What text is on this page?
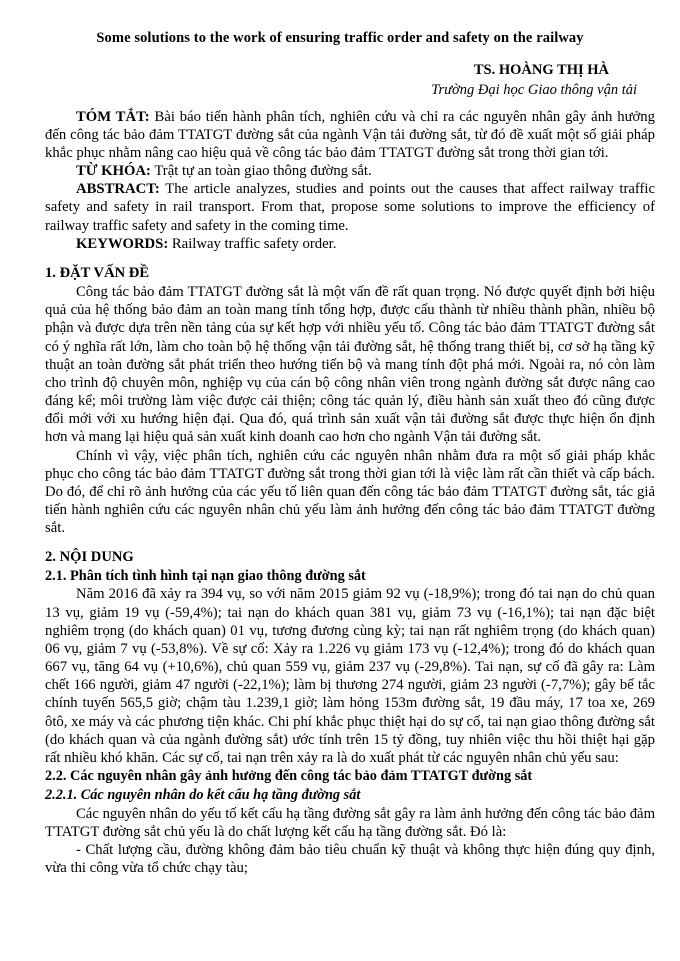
Some solutions to the work of ensuring traffic order and safety on the railway
TS. HOÀNG THỊ HÀ
Trường Đại học Giao thông vận tải

TÓM TẮT: Bài báo tiến hành phân tích, nghiên cứu và chỉ ra các nguyên nhân gây ảnh hưởng đến công tác bảo đảm TTATGT đường sắt của ngành Vận tải đường sắt, từ đó đề xuất một số giải pháp khắc phục nhằm nâng cao hiệu quả về công tác bảo đảm TTATGT đường sắt trong thời gian tới.

TỪ KHÓA: Trật tự an toàn giao thông đường sắt.

ABSTRACT: The article analyzes, studies and points out the causes that affect railway traffic safety and safety in rail transport. From that, propose some solutions to improve the efficiency of railway traffic safety and safety in the coming time.

KEYWORDS: Railway traffic safety order.

1. ĐẶT VẤN ĐỀ

Công tác bảo đảm TTATGT đường sắt là một vấn đề rất quan trọng. Nó được quyết định bởi hiệu quả của hệ thống bảo đảm an toàn mang tính tổng hợp, được cấu thành từ nhiều thành phần, nhiều bộ phận và được dựa trên nền tảng của sự kết hợp với nhiều yếu tố. Công tác bảo đảm TTATGT đường sắt có ý nghĩa rất lớn, làm cho toàn bộ hệ thống vận tải đường sắt, hệ thống trang thiết bị, cơ sở hạ tầng kỹ thuật an toàn đường sắt phát triển theo hướng tiến bộ và mang tính đột phá mới. Ngoài ra, nó còn làm cho trình độ chuyên môn, nghiệp vụ của cán bộ công nhân viên trong ngành đường sắt được nâng cao đáng kể; môi trường làm việc được cải thiện; công tác quản lý, điều hành sản xuất theo đó cũng được đổi mới với xu hướng hiện đại. Qua đó, quá trình sản xuất vận tải đường sắt được thực hiện ổn định hơn và mang lại hiệu quả sản xuất kinh doanh cao hơn cho ngành Vận tải đường sắt.

Chính vì vậy, việc phân tích, nghiên cứu các nguyên nhân nhằm đưa ra một số giải pháp khắc phục cho công tác bảo đảm TTATGT đường sắt trong thời gian tới là việc làm rất cần thiết và cấp bách. Do đó, để chỉ rõ ảnh hưởng của các yếu tố liên quan đến công tác bảo đảm TTATGT đường sắt, tác giả tiến hành nghiên cứu các nguyên nhân chủ yếu làm ảnh hưởng đến công tác bảo đảm TTATGT đường sắt.

2. NỘI DUNG
2.1. Phân tích tình hình tại nạn giao thông đường sắt

Năm 2016 đã xảy ra 394 vụ, so với năm 2015 giảm 92 vụ (-18,9%); trong đó tai nạn do chủ quan 13 vụ, giảm 19 vụ (-59,4%); tai nạn do khách quan 381 vụ, giảm 73 vụ (-16,1%); tai nạn đặc biệt nghiêm trọng (do khách quan) 01 vụ, tương đương cùng kỳ; tai nạn rất nghiêm trọng (do khách quan) 06 vụ, giảm 7 vụ (-53,8%). Về sự cố: Xảy ra 1.226 vụ giảm 173 vụ (-12,4%); trong đó do khách quan 667 vụ, tăng 64 vụ (+10,6%), chủ quan 559 vụ, giảm 237 vụ (-29,8%). Tai nạn, sự cố đã gây ra: Làm chết 166 người, giảm 47 người (-22,1%); làm bị thương 274 người, giảm 23 người (-7,7%); gây bế tắc chính tuyến 565,5 giờ; chậm tàu 1.239,1 giờ; làm hỏng 153m đường sắt, 19 đầu máy, 17 toa xe, 269 ôtô, xe máy và các phương tiện khác. Chi phí khắc phục thiệt hại do sự cố, tai nạn giao thông đường sắt (do khách quan và của ngành đường sắt) ước tính trên 15 tỷ đồng, tuy nhiên việc thu hồi thiệt hại gặp rất nhiều khó khăn. Các sự cố, tai nạn trên xảy ra là do xuất phát từ các nguyên nhân chủ yếu sau:

2.2. Các nguyên nhân gây ảnh hưởng đến công tác bảo đảm TTATGT đường sắt
2.2.1. Các nguyên nhân do kết cấu hạ tầng đường sắt

Các nguyên nhân do yếu tố kết cấu hạ tầng đường sắt gây ra làm ảnh hưởng đến công tác bảo đảm TTATGT đường sắt chủ yếu là do chất lượng kết cấu hạ tầng đường sắt. Đó là:

- Chất lượng cầu, đường không đảm bảo tiêu chuẩn kỹ thuật và không thực hiện đúng quy định, vừa thi công vừa tổ chức chạy tàu;
